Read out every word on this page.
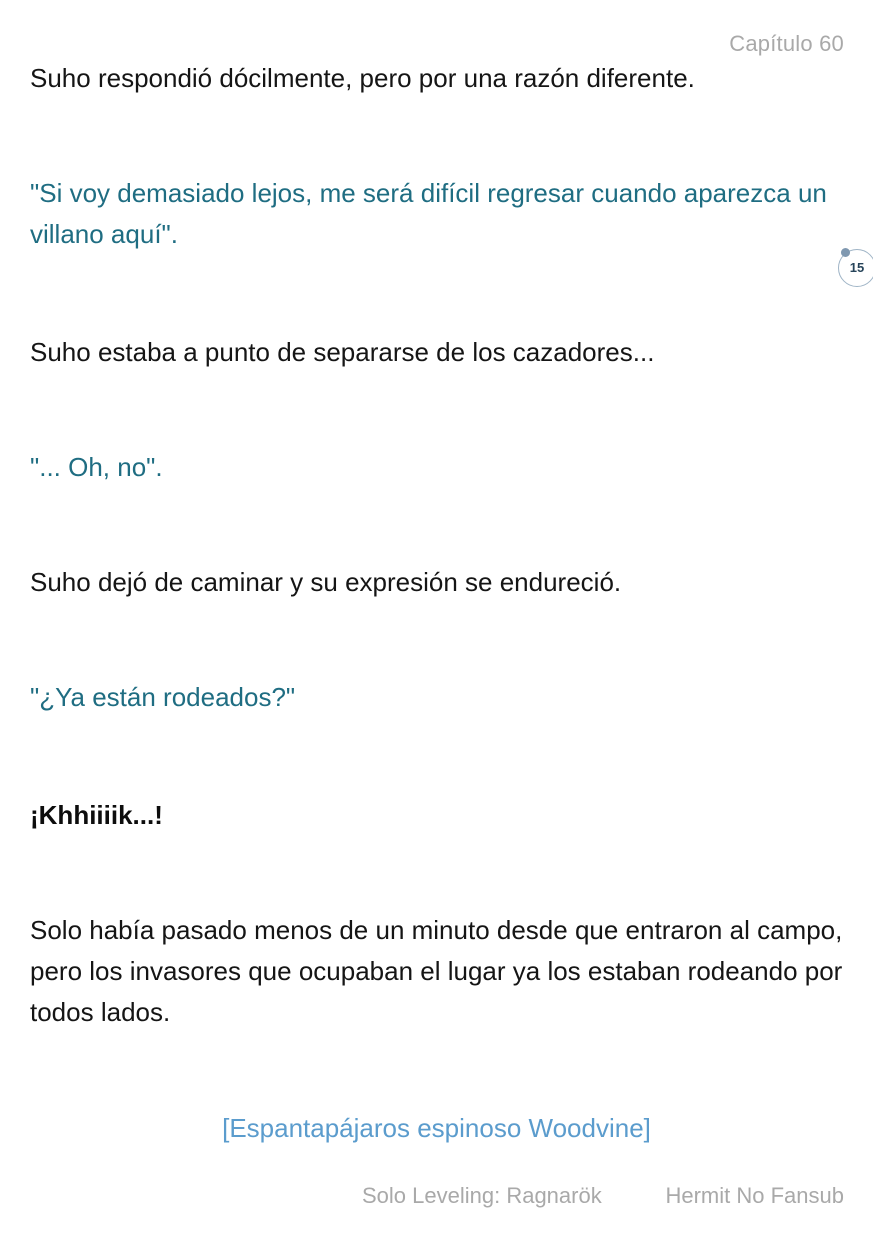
Capítulo 60

Suho respondió dócilmente, pero por una razón diferente.

"Si voy demasiado lejos, me será difícil regresar cuando aparezca un villano aquí".

Suho estaba a punto de separarse de los cazadores...

"... Oh, no".

Suho dejó de caminar y su expresión se endureció.

"¿Ya están rodeados?"

¡Khhiiiik...!

Solo había pasado menos de un minuto desde que entraron al campo, pero los invasores que ocupaban el lugar ya los estaban rodeando por todos lados.

[Espantapájaros espinoso Woodvine]

15
Solo Leveling: Ragnarök	Hermit No Fansub
